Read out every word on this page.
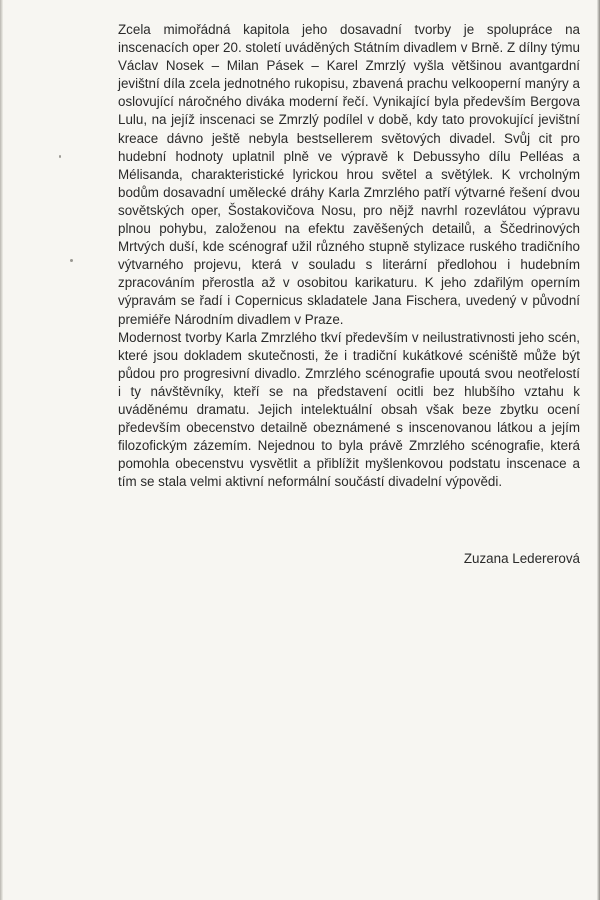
Zcela mimořádná kapitola jeho dosavadní tvorby je spolupráce na inscenacích oper 20. století uváděných Státním divadlem v Brně. Z dílny týmu Václav Nosek – Milan Pásek – Karel Zmrzlý vyšla většinou avantgardní jevištní díla zcela jednotného rukopisu, zbavená prachu velkooperní manýry a oslovující náročného diváka moderní řečí. Vynikající byla především Bergova Lulu, na jejíž inscenaci se Zmrzlý podílel v době, kdy tato provokující jevištní kreace dávno ještě nebyla bestsellerem světových divadel. Svůj cit pro hudební hodnoty uplatnil plně ve výpravě k Debussyho dílu Pelléas a Mélisanda, charakteristické lyrickou hrou světel a světýlek. K vrcholným bodům dosavadní umělecké dráhy Karla Zmrzlého patří výtvarné řešení dvou sovětských oper, Šostakovičova Nosu, pro nějž navrhl rozevlátou výpravu plnou pohybu, založenou na efektu zavěšených detailů, a Ščedrinových Mrtvých duší, kde scénograf užil různého stupně stylizace ruského tradičního výtvarného projevu, která v souladu s literární předlohou i hudebním zpracováním přerostla až v osobitou karikaturu. K jeho zdařilým operním výpravám se řadí i Copernicus skladatele Jana Fischera, uvedený v původní premiéře Národním divadlem v Praze.

Modernost tvorby Karla Zmrzlého tkví především v neilustrativnosti jeho scén, které jsou dokladem skutečnosti, že i tradiční kukátkové scéniště může být půdou pro progresivní divadlo. Zmrzlého scénografie upoutá svou neotřelostí i ty návštěvníky, kteří se na představení ocitli bez hlubšího vztahu k uváděnému dramatu. Jejich intelektuální obsah však beze zbytku ocení především obecenstvo detailně obeznámené s inscenovanou látkou a jejím filozofickým zázemím. Nejednou to byla právě Zmrzlého scénografie, která pomohla obecenstvu vysvětlit a přiblížit myšlenkovou podstatu inscenace a tím se stala velmi aktivní neformální součástí divadelní výpovědi.

Zuzana Ledererová
